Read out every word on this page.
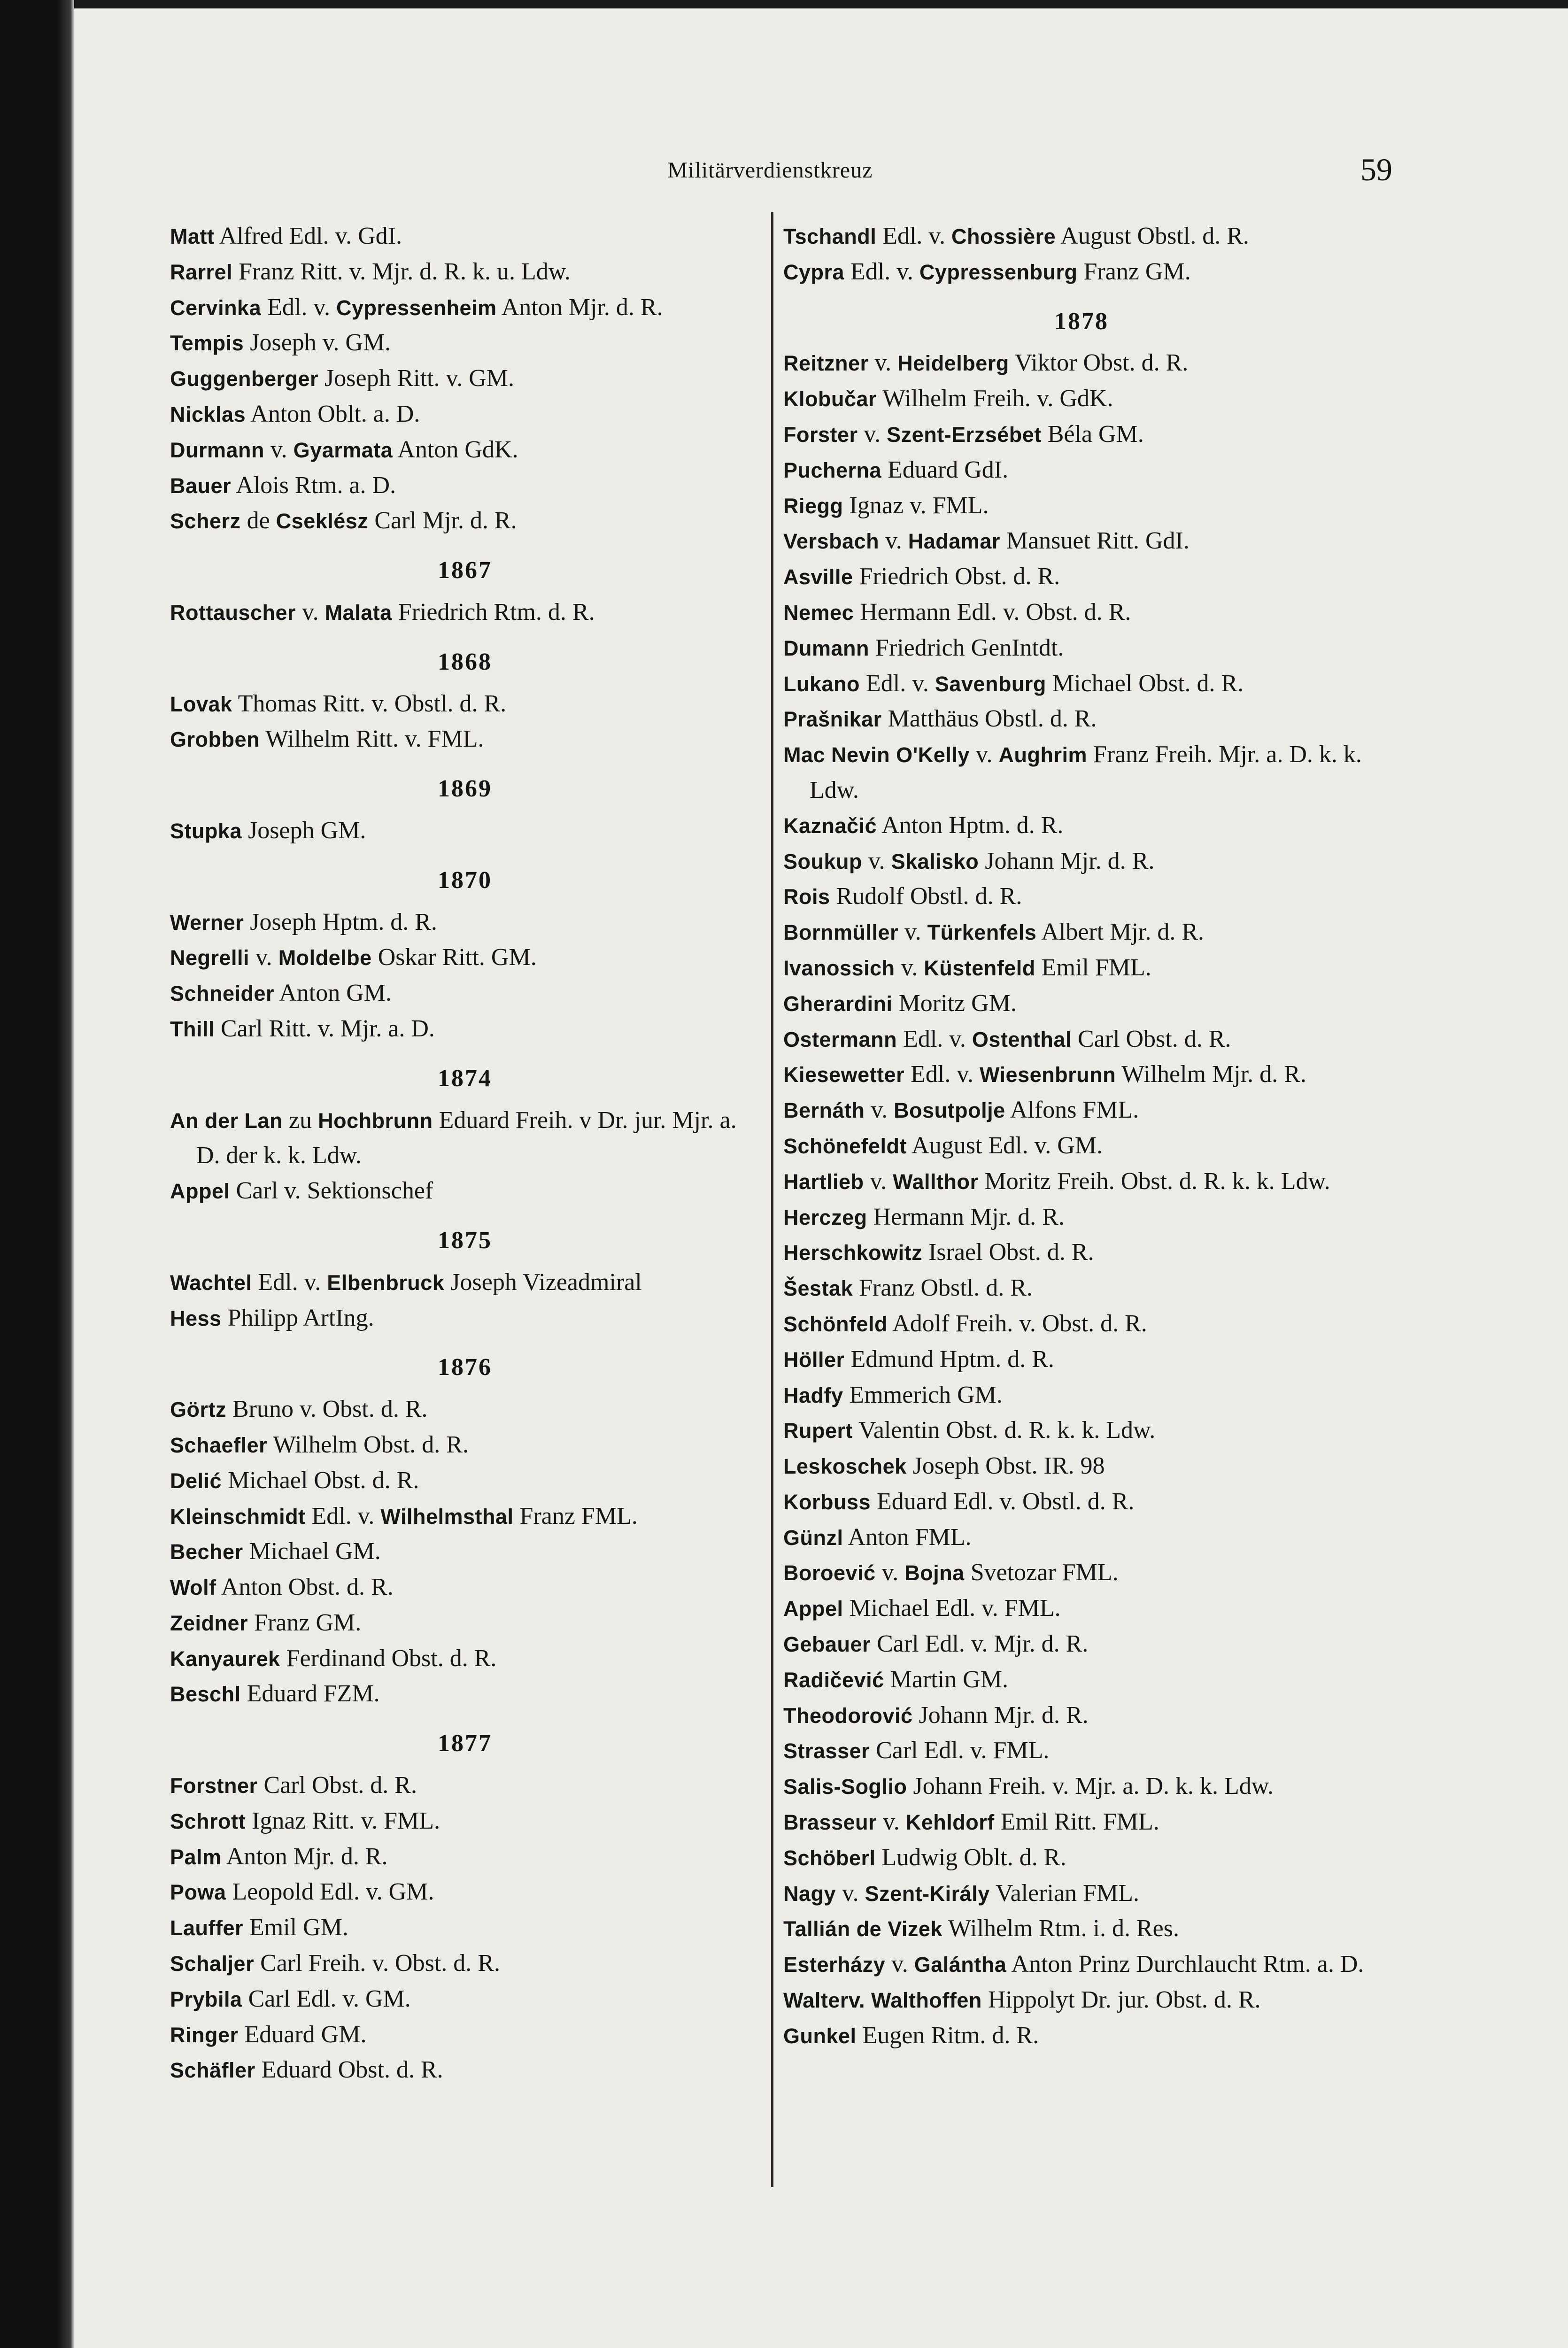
Militärverdienstkreuz	59
Matt Alfred Edl. v. GdI.
Rarrel Franz Ritt. v. Mjr. d. R. k. u. Ldw.
Cervinka Edl. v. Cypressenheim Anton Mjr. d. R.
Tempis Joseph v. GM.
Guggenberger Joseph Ritt. v. GM.
Nicklas Anton Oblt. a. D.
Durmann v. Gyarmata Anton GdK.
Bauer Alois Rtm. a. D.
Scherz de Cseklész Carl Mjr. d. R.
1867
Rottauscher v. Malata Friedrich Rtm. d. R.
1868
Lovak Thomas Ritt. v. Obstl. d. R.
Grobben Wilhelm Ritt. v. FML.
1869
Stupka Joseph GM.
1870
Werner Joseph Hptm. d. R.
Negrelli v. Moldelbe Oskar Ritt. GM.
Schneider Anton GM.
Thill Carl Ritt. v. Mjr. a. D.
1874
An der Lan zu Hochbrunn Eduard Freih. v Dr. jur. Mjr. a. D. der k. k. Ldw.
Appel Carl v. Sektionschef
1875
Wachtel Edl. v. Elbenbruck Joseph Vizeadmiral
Hess Philipp ArtIng.
1876
Görtz Bruno v. Obst. d. R.
Schaefler Wilhelm Obst. d. R.
Delić Michael Obst. d. R.
Kleinschmidt Edl. v. Wilhelmsthal Franz FML.
Becher Michael GM.
Wolf Anton Obst. d. R.
Zeidner Franz GM.
Kanyaurek Ferdinand Obst. d. R.
Beschl Eduard FZM.
1877
Forstner Carl Obst. d. R.
Schrott Ignaz Ritt. v. FML.
Palm Anton Mjr. d. R.
Powa Leopold Edl. v. GM.
Lauffer Emil GM.
Schaljer Carl Freih. v. Obst. d. R.
Prybila Carl Edl. v. GM.
Ringer Eduard GM.
Schäfler Eduard Obst. d. R.
Tschandl Edl. v. Chossière August Obstl. d. R.
Cypra Edl. v. Cypressenburg Franz GM.
1878
Reitzner v. Heidelberg Viktor Obst. d. R.
Klobučar Wilhelm Freih. v. GdK.
Forster v. Szent-Erzsébet Béla GM.
Pucherna Eduard GdI.
Riegg Ignaz v. FML.
Versbach v. Hadamar Mansuet Ritt. GdI.
Asville Friedrich Obst. d. R.
Nemec Hermann Edl. v. Obst. d. R.
Dumann Friedrich GenIntdt.
Lukano Edl. v. Savenburg Michael Obst. d. R.
Prašnikar Matthäus Obstl. d. R.
Mac Nevin O'Kelly v. Aughrim Franz Freih. Mjr. a. D. k. k. Ldw.
Kaznačić Anton Hptm. d. R.
Soukup v. Skalisko Johann Mjr. d. R.
Rois Rudolf Obstl. d. R.
Bornmüller v. Türkenfels Albert Mjr. d. R.
Ivanossich v. Küstenfeld Emil FML.
Gherardini Moritz GM.
Ostermann Edl. v. Ostenthal Carl Obst. d. R.
Kiesewetter Edl. v. Wiesenbrunn Wilhelm Mjr. d. R.
Bernáth v. Bosutpolje Alfons FML.
Schönefeldt August Edl. v. GM.
Hartlieb v. Wallthor Moritz Freih. Obst. d. R. k. k. Ldw.
Herczeg Hermann Mjr. d. R.
Herschkowitz Israel Obst. d. R.
Šestak Franz Obstl. d. R.
Schönfeld Adolf Freih. v. Obst. d. R.
Höller Edmund Hptm. d. R.
Hadfy Emmerich GM.
Rupert Valentin Obst. d. R. k. k. Ldw.
Leskoschek Joseph Obst. IR. 98
Korbuss Eduard Edl. v. Obstl. d. R.
Günzl Anton FML.
Boroević v. Bojna Svetozar FML.
Appel Michael Edl. v. FML.
Gebauer Carl Edl. v. Mjr. d. R.
Radičević Martin GM.
Theodorović Johann Mjr. d. R.
Strasser Carl Edl. v. FML.
Salis-Soglio Johann Freih. v. Mjr. a. D. k. k. Ldw.
Brasseur v. Kehldorf Emil Ritt. FML.
Schöberl Ludwig Oblt. d. R.
Nagy v. Szent-Király Valerian FML.
Tallián de Vizek Wilhelm Rtm. i. d. Res.
Esterházy v. Galántha Anton Prinz Durchlaucht Rtm. a. D.
Walterv. Walthoffen Hippolyt Dr. jur. Obst. d. R.
Gunkel Eugen Ritm. d. R.
